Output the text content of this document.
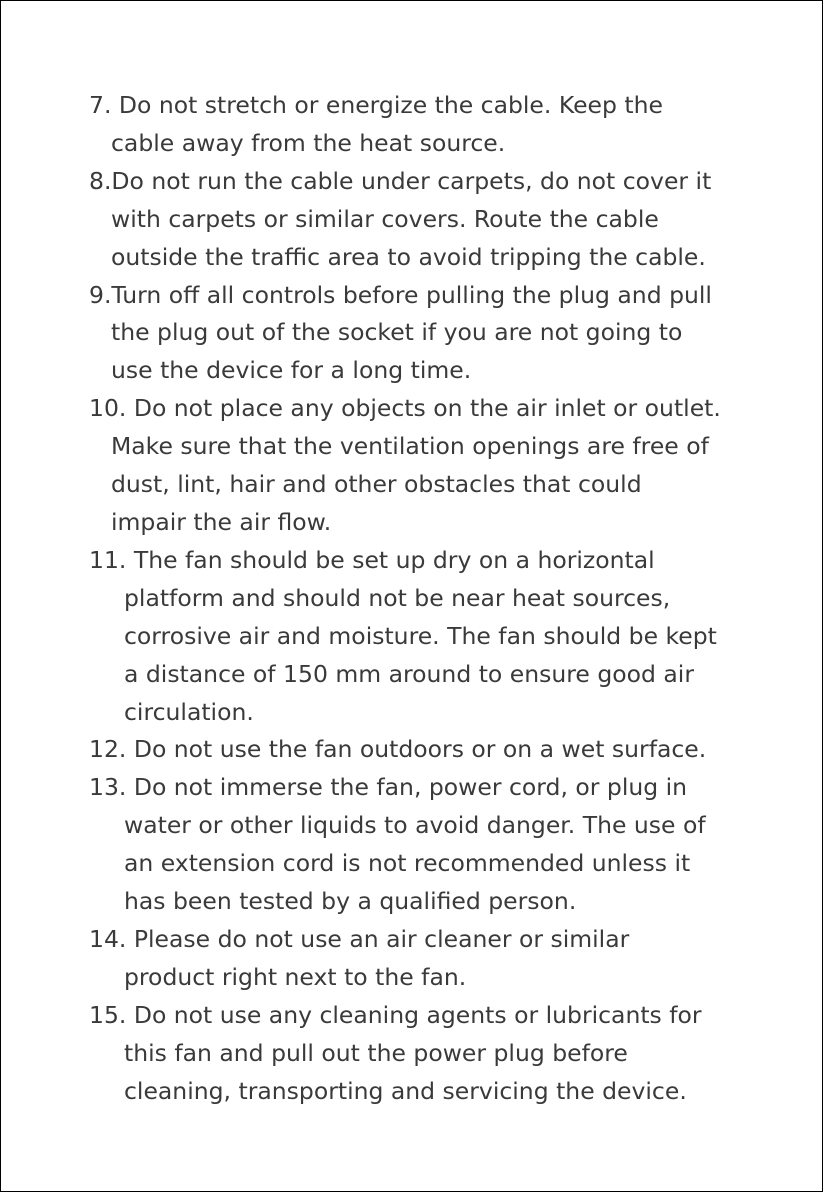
7. Do not stretch or energize the cable. Keep the
cable away from the heat source.
8.Do not run the cable under carpets, do not cover it
with carpets or similar covers. Route the cable
outside the traffic area to avoid tripping the cable.
9.Turn off all controls before pulling the plug and pull
the plug out of the socket if you are not going to
use the device for a long time.
10. Do not place any objects on the air inlet or outlet.
Make sure that the ventilation openings are free of
dust, lint, hair and other obstacles that could
impair the air flow.
11. The fan should be set up dry on a horizontal
platform and should not be near heat sources,
corrosive air and moisture. The fan should be kept
a distance of 150 mm around to ensure good air
circulation.
12. Do not use the fan outdoors or on a wet surface.
13. Do not immerse the fan, power cord, or plug in
water or other liquids to avoid danger. The use of
an extension cord is not recommended unless it
has been tested by a qualified person.
14. Please do not use an air cleaner or similar
product right next to the fan.
15. Do not use any cleaning agents or lubricants for
this fan and pull out the power plug before
cleaning, transporting and servicing the device.
